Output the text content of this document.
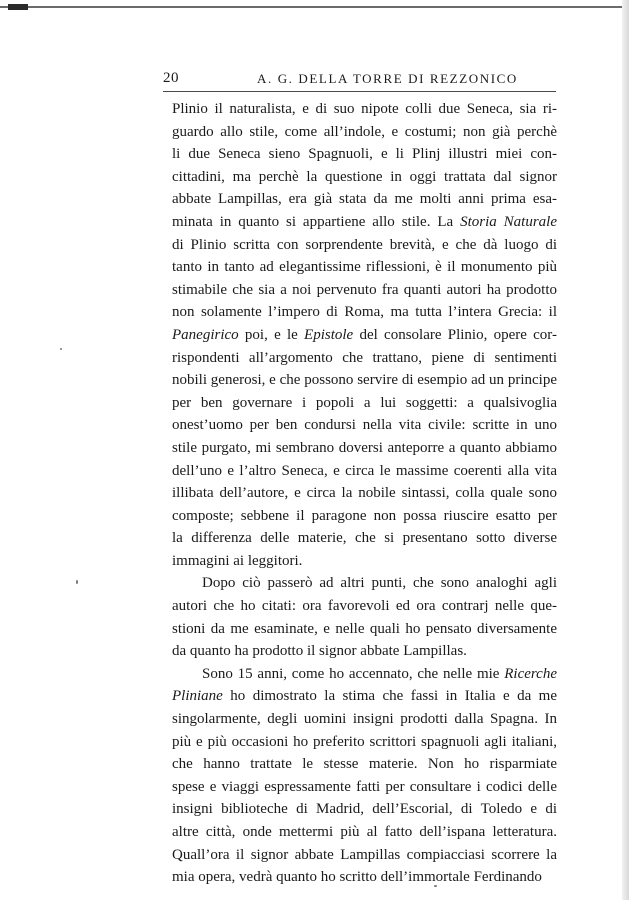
20	A. G. DELLA TORRE DI REZZONICO
Plinio il naturalista, e di suo nipote colli due Seneca, sia ri-
guardo allo stile, come all’indole, e costumi; non già perchè
li due Seneca sieno Spagnuoli, e li Plinj illustri miei con-
cittadini, ma perchè la questione in oggi trattata dal signor
abbate Lampillas, era già stata da me molti anni prima esa-
minata in quanto si appartiene allo stile. La Storia Naturale
di Plinio scritta con sorprendente brevità, e che dà luogo di
tanto in tanto ad elegantissime riflessioni, è il monumento più
stimabile che sia a noi pervenuto fra quanti autori ha prodotto
non solamente l’impero di Roma, ma tutta l’intera Grecia: il
Panegirico poi, e le Epistole del consolare Plinio, opere cor-
rispondenti all’argomento che trattano, piene di sentimenti
nobili generosi, e che possono servire di esempio ad un principe
per ben governare i popoli a lui soggetti: a qualsivoglia
onest’uomo per ben condursi nella vita civile: scritte in uno
stile purgato, mi sembrano doversi anteporre a quanto abbiamo
dell’uno e l’altro Seneca, e circa le massime coerenti alla vita
illibata dell’autore, e circa la nobile sintassi, colla quale sono
composte; sebbene il paragone non possa riuscire esatto per
la differenza delle materie, che si presentano sotto diverse
immagini ai leggitori.
Dopo ciò passerò ad altri punti, che sono analoghi agli
autori che ho citati: ora favorevoli ed ora contrarj nelle que-
stioni da me esaminate, e nelle quali ho pensato diversamente
da quanto ha prodotto il signor abbate Lampillas.
Sono 15 anni, come ho accennato, che nelle mie Ricerche
Pliniane ho dimostrato la stima che fassi in Italia e da me
singolarmente, degli uomini insigni prodotti dalla Spagna. In
più e più occasioni ho preferito scrittori spagnuoli agli italiani,
che hanno trattate le stesse materie. Non ho risparmiate
spese e viaggi espressamente fatti per consultare i codici delle
insigni biblioteche di Madrid, dell’Escorial, di Toledo e di
altre città, onde mettermi più al fatto dell’ispana letteratura.
Quall’ora il signor abbate Lampillas compiacciasi scorrere la
mia opera, vedrà quanto ho scritto dell’immortale Ferdinando
